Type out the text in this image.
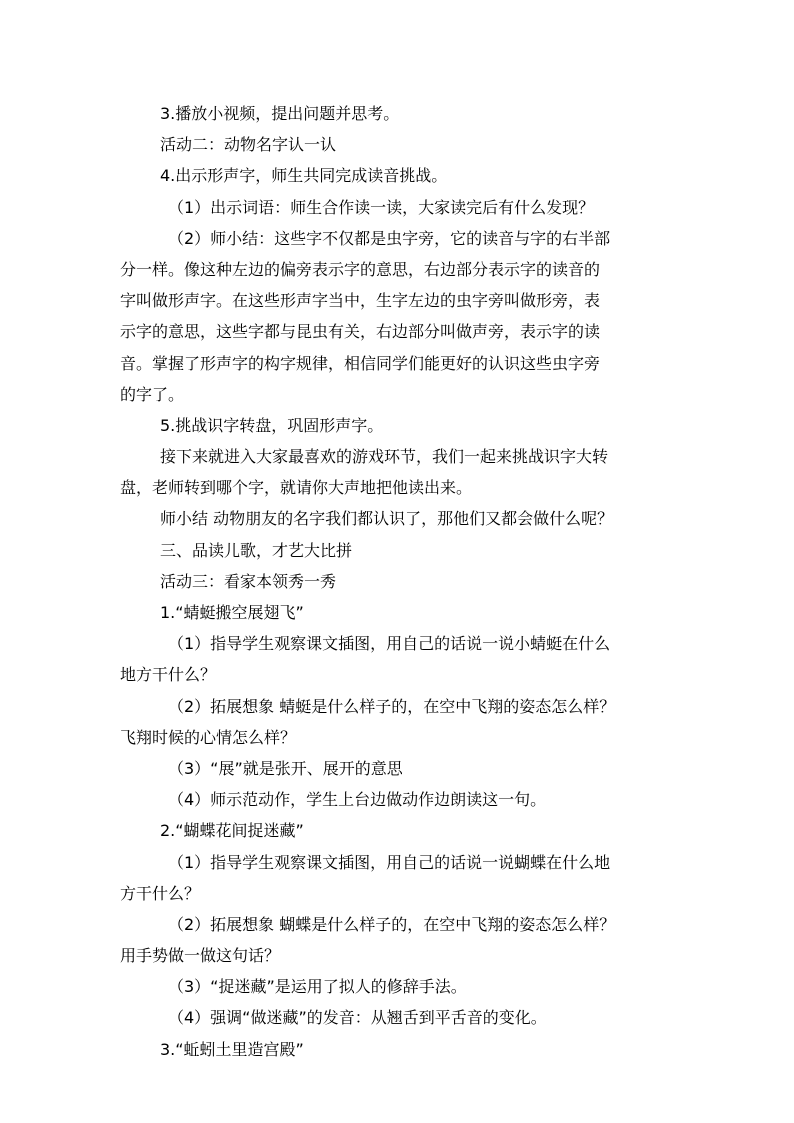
3.播放小视频，提出问题并思考。
活动二：动物名字认一认
4.出示形声字，师生共同完成读音挑战。
（1）出示词语：师生合作读一读，大家读完后有什么发现？
（2）师小结：这些字不仅都是虫字旁，它的读音与字的右半部
分一样。像这种左边的偏旁表示字的意思，右边部分表示字的读音的
字叫做形声字。在这些形声字当中，生字左边的虫字旁叫做形旁，表
示字的意思，这些字都与昆虫有关，右边部分叫做声旁，表示字的读
音。掌握了形声字的构字规律，相信同学们能更好的认识这些虫字旁
的字了。
5.挑战识字转盘，巩固形声字。
接下来就进入大家最喜欢的游戏环节，我们一起来挑战识字大转
盘，老师转到哪个字，就请你大声地把他读出来。
师小结 动物朋友的名字我们都认识了，那他们又都会做什么呢？
三、品读儿歌，才艺大比拼
活动三：看家本领秀一秀
1.“蜻蜓搬空展翅飞”
（1）指导学生观察课文插图，用自己的话说一说小蜻蜓在什么
地方干什么？
（2）拓展想象 蜻蜓是什么样子的，在空中飞翔的姿态怎么样？
飞翔时候的心情怎么样？
（3）“展”就是张开、展开的意思
（4）师示范动作，学生上台边做动作边朗读这一句。
2.“蝴蝶花间捉迷藏”
（1）指导学生观察课文插图，用自己的话说一说蝴蝶在什么地
方干什么？
（2）拓展想象 蝴蝶是什么样子的，在空中飞翔的姿态怎么样？
用手势做一做这句话？
（3）“捉迷藏”是运用了拟人的修辞手法。
（4）强调“做迷藏”的发音：从翘舌到平舌音的变化。
3.“蚯蚓土里造宫殿”
